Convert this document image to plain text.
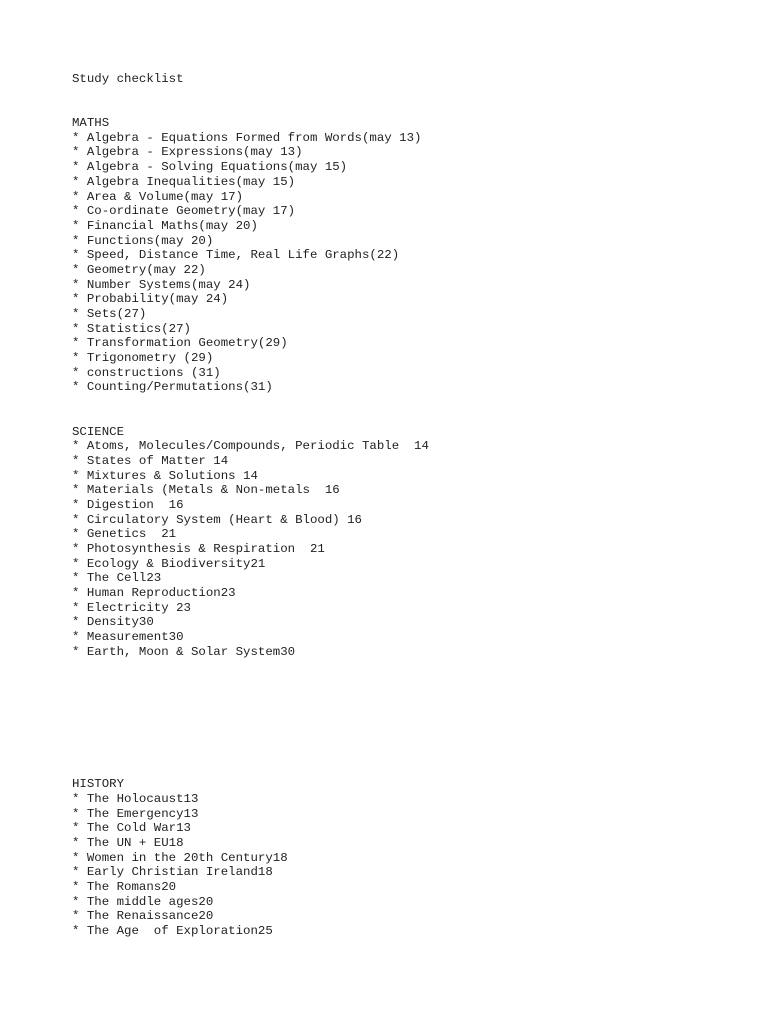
Study checklist
MATHS
* Algebra - Equations Formed from Words(may 13)
* Algebra - Expressions(may 13)
* Algebra - Solving Equations(may 15)
* Algebra Inequalities(may 15)
* Area & Volume(may 17)
* Co-ordinate Geometry(may 17)
* Financial Maths(may 20)
* Functions(may 20)
* Speed, Distance Time, Real Life Graphs(22)
* Geometry(may 22)
* Number Systems(may 24)
* Probability(may 24)
* Sets(27)
* Statistics(27)
* Transformation Geometry(29)
* Trigonometry (29)
* constructions (31)
* Counting/Permutations(31)
SCIENCE
* Atoms, Molecules/Compounds, Periodic Table  14
* States of Matter 14
* Mixtures & Solutions 14
* Materials (Metals & Non-metals  16
* Digestion  16
* Circulatory System (Heart & Blood) 16
* Genetics  21
* Photosynthesis & Respiration  21
* Ecology & Biodiversity21
* The Cell23
* Human Reproduction23
* Electricity 23
* Density30
* Measurement30
* Earth, Moon & Solar System30
HISTORY
* The Holocaust13
* The Emergency13
* The Cold War13
* The UN + EU18
* Women in the 20th Century18
* Early Christian Ireland18
* The Romans20
* The middle ages20
* The Renaissance20
* The Age  of Exploration25
